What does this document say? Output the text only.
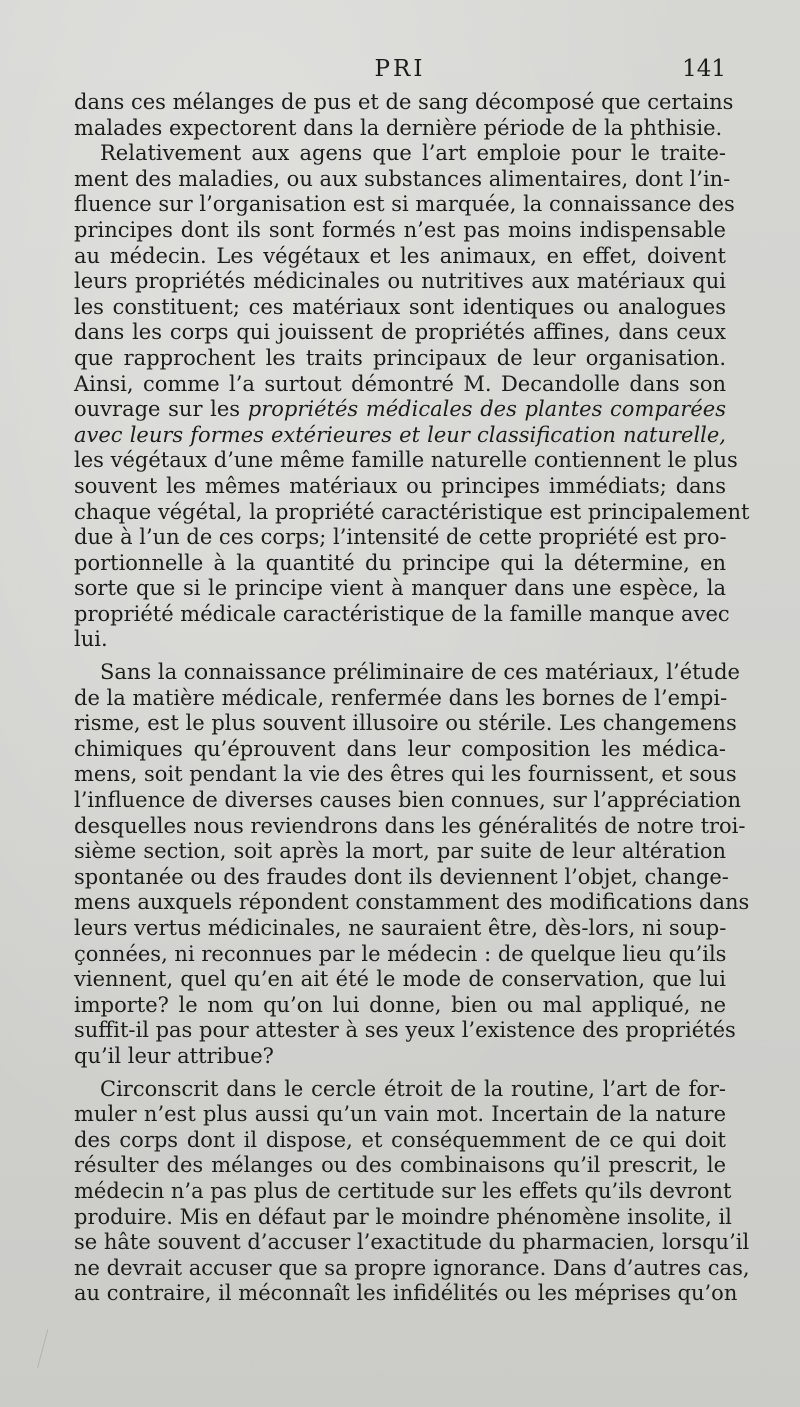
PRI	141

dans ces mélanges de pus et de sang décomposé que certains
malades expectorent dans la dernière période de la phthisie.

Relativement aux agens que l’art emploie pour le traite-
ment des maladies, ou aux substances alimentaires, dont l’in-
fluence sur l’organisation est si marquée, la connaissance des
principes dont ils sont formés n’est pas moins indispensable
au médecin. Les végétaux et les animaux, en effet, doivent
leurs propriétés médicinales ou nutritives aux matériaux qui
les constituent; ces matériaux sont identiques ou analogues
dans les corps qui jouissent de propriétés affines, dans ceux
que rapprochent les traits principaux de leur organisation.
Ainsi, comme l’a surtout démontré M. Decandolle dans son
ouvrage sur les propriétés médicales des plantes comparées
avec leurs formes extérieures et leur classification naturelle,
les végétaux d’une même famille naturelle contiennent le plus
souvent les mêmes matériaux ou principes immédiats; dans
chaque végétal, la propriété caractéristique est principalement
due à l’un de ces corps; l’intensité de cette propriété est pro-
portionnelle à la quantité du principe qui la détermine, en
sorte que si le principe vient à manquer dans une espèce, la
propriété médicale caractéristique de la famille manque avec
lui.

Sans la connaissance préliminaire de ces matériaux, l’étude
de la matière médicale, renfermée dans les bornes de l’empi-
risme, est le plus souvent illusoire ou stérile. Les changemens
chimiques qu’éprouvent dans leur composition les médica-
mens, soit pendant la vie des êtres qui les fournissent, et sous
l’influence de diverses causes bien connues, sur l’appréciation
desquelles nous reviendrons dans les généralités de notre troi-
sième section, soit après la mort, par suite de leur altération
spontanée ou des fraudes dont ils deviennent l’objet, change-
mens auxquels répondent constamment des modifications dans
leurs vertus médicinales, ne sauraient être, dès-lors, ni soup-
çonnées, ni reconnues par le médecin : de quelque lieu qu’ils
viennent, quel qu’en ait été le mode de conservation, que lui
importe? le nom qu’on lui donne, bien ou mal appliqué, ne
suffit-il pas pour attester à ses yeux l’existence des propriétés
qu’il leur attribue?

Circonscrit dans le cercle étroit de la routine, l’art de for-
muler n’est plus aussi qu’un vain mot. Incertain de la nature
des corps dont il dispose, et conséquemment de ce qui doit
résulter des mélanges ou des combinaisons qu’il prescrit, le
médecin n’a pas plus de certitude sur les effets qu’ils devront
produire. Mis en défaut par le moindre phénomène insolite, il
se hâte souvent d’accuser l’exactitude du pharmacien, lorsqu’il
ne devrait accuser que sa propre ignorance. Dans d’autres cas,
au contraire, il méconnaît les infidélités ou les méprises qu’on
